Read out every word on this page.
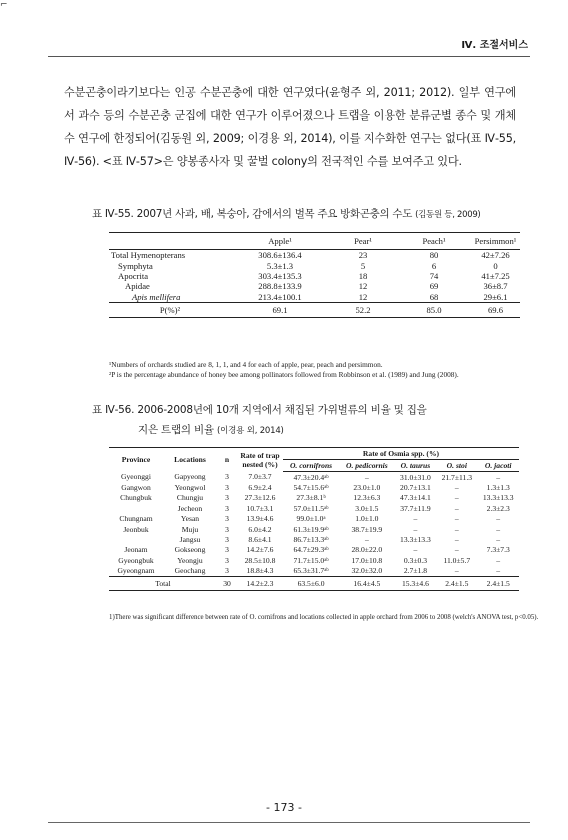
⌐
Ⅳ. 조절서비스
수분곤충이라기보다는 인공 수분곤충에 대한 연구였다(윤형주 외, 2011; 2012). 일부 연구에서 과수 등의 수분곤충 군집에 대한 연구가 이루어졌으나 트랩을 이용한 분류군별 종수 및 개체수 연구에 한정되어(김동원 외, 2009; 이경용 외, 2014), 이를 지수화한 연구는 없다(표 Ⅳ-55, Ⅳ-56). <표 Ⅳ-57>은 양봉종사자 및 꿀벌 colony의 전국적인 수를 보여주고 있다.
표 Ⅳ-55. 2007년 사과, 배, 복숭아, 감에서의 벌목 주요 방화곤충의 수도 (김동원 등, 2009)
	Apple¹	Pear¹	Peach¹	Persimmon¹
Total Hymenopterans	308.6±136.4	23	80	42±7.26
Symphyta	5.3±1.3	5	6	0
Apocrita	303.4±135.3	18	74	41±7.25
Apidae	288.8±133.9	12	69	36±8.7
Apis mellifera	213.4±100.1	12	68	29±6.1
P(%)²	69.1	52.2	85.0	69.6
¹Numbers of orchards studied are 8, 1, 1, and 4 for each of apple, pear, peach and persimmon.
²P is the percentage abundance of honey bee among pollinators followed from Robbinson et al. (1989) and Jung (2008).
표 Ⅳ-56. 2006-2008년에 10개 지역에서 채집된 가위벌류의 비율 및 집을
지은 트랩의 비율 (이경용 외, 2014)
Province	Locations	n	Rate of trap nested (%)	Rate of Osmia spp. (%)				
				O. cornifrons	O. pedicornis	O. taurus	O. stoi	O. jacoti
Gyeonggi	Gapyeong	3	7.0±3.7	47.3±20.4ᵃᵇ	–	31.0±31.0	21.7±11.3	–
Gangwon	Yeongwol	3	6.9±2.4	54.7±15.6ᵃᵇ	23.0±1.0	20.7±13.1	–	1.3±1.3
Chungbuk	Chungju	3	27.3±12.6	27.3±8.1ᵇ	12.3±6.3	47.3±14.1	–	13.3±13.3
	Jecheon	3	10.7±3.1	57.0±11.5ᵃᵇ	3.0±1.5	37.7±11.9	–	2.3±2.3
Chungnam	Yesan	3	13.9±4.6	99.0±1.0ᵃ	1.0±1.0	–	–	–
Jeonbuk	Muju	3	6.0±4.2	61.3±19.9ᵃᵇ	38.7±19.9	–	–	–
	Jangsu	3	8.6±4.1	86.7±13.3ᵃᵇ	–	13.3±13.3	–	–
Jeonam	Gokseong	3	14.2±7.6	64.7±29.3ᵃᵇ	28.0±22.0	–	–	7.3±7.3
Gyeongbuk	Yeongju	3	28.5±10.8	71.7±15.0ᵃᵇ	17.0±10.8	0.3±0.3	11.0±5.7	–
Gyeongnam	Geochang	3	18.8±4.3	65.3±31.7ᵃᵇ	32.0±32.0	2.7±1.8	–	–
Total		30	14.2±2.3	63.5±6.0	16.4±4.5	15.3±4.6	2.4±1.5	2.4±1.5
1)There was significant difference between rate of O. cornifrons and locations collected in apple orchard from 2006 to 2008 (welch's ANOVA test, p<0.05).
- 173 -
